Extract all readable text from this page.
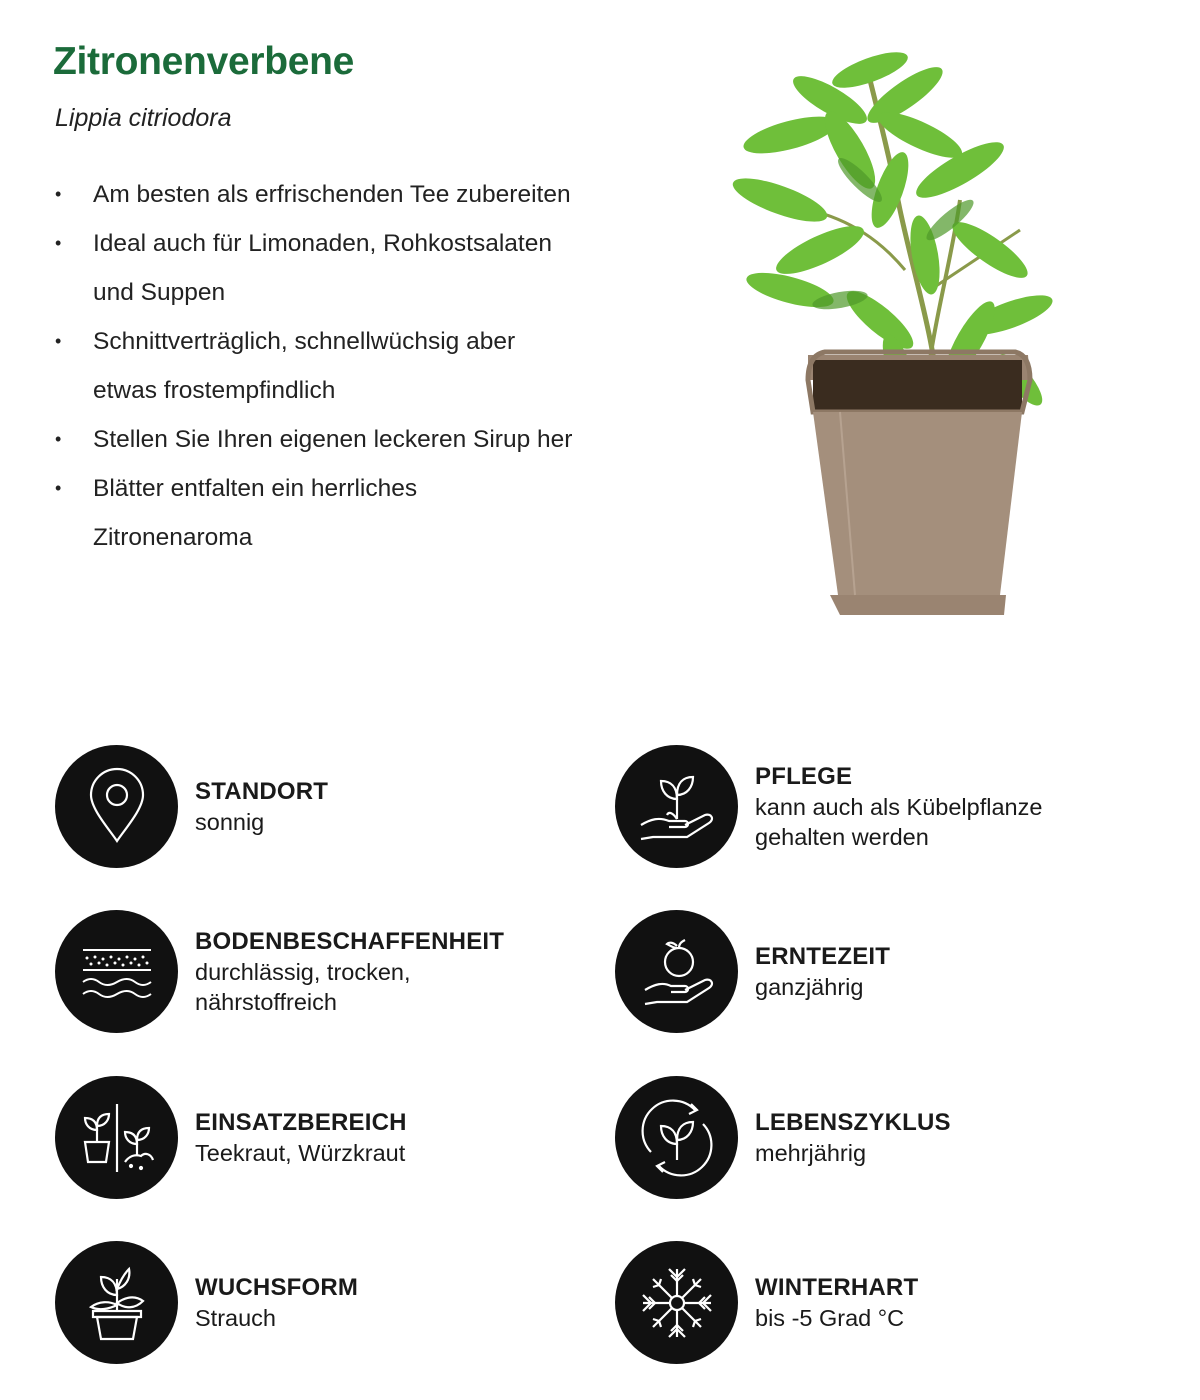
Zitronenverbene
Lippia citriodora
• Am besten als erfrischenden Tee zubereiten
• Ideal auch für Limonaden, Rohkostsalaten
und Suppen
• Schnittverträglich, schnellwüchsig aber
etwas frostempfindlich
• Stellen Sie Ihren eigenen leckeren Sirup her
• Blätter entfalten ein herrliches
Zitronenaroma
STANDORT
sonnig
PFLEGE
kann auch als Kübelpflanze
gehalten werden
BODENBESCHAFFENHEIT
durchlässig, trocken,
nährstoffreich
ERNTEZEIT
ganzjährig
EINSATZBEREICH
Teekraut, Würzkraut
LEBENSZYKLUS
mehrjährig
WUCHSFORM
Strauch
WINTERHART
bis -5 Grad °C
